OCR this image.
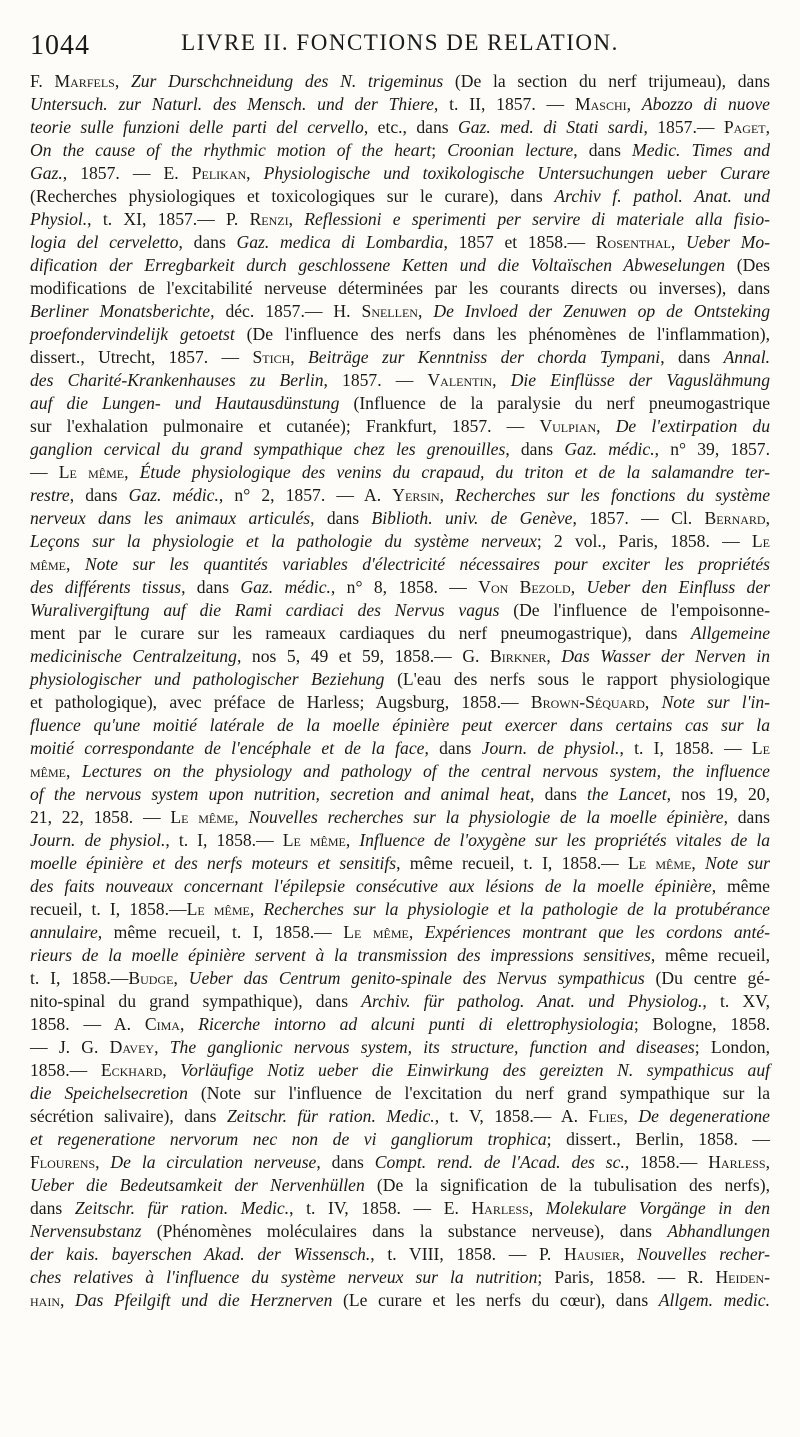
1044	LIVRE II. FONCTIONS DE RELATION.
F. Marfels, Zur Durschchneidung des N. trigeminus (De la section du nerf trijumeau), dans
Untersuch. zur Naturl. des Mensch. und der Thiere, t. II, 1857. — Maschi, Abozzo di nuove
teorie sulle funzioni delle parti del cervello, etc., dans Gaz. med. di Stati sardi, 1857.— Paget,
On the cause of the rhythmic motion of the heart; Croonian lecture, dans Medic. Times and
Gaz., 1857. — E. Pelikan, Physiologische und toxikologische Untersuchungen ueber Curare
(Recherches physiologiques et toxicologiques sur le curare), dans Archiv f. pathol. Anat. und
Physiol., t. XI, 1857.— P. Renzi, Reflessioni e sperimenti per servire di materiale alla fisio-
logia del cerveletto, dans Gaz. medica di Lombardia, 1857 et 1858.— Rosenthal, Ueber Mo-
dification der Erregbarkeit durch geschlossene Ketten und die Voltaïschen Abweselungen (Des
modifications de l'excitabilité nerveuse déterminées par les courants directs ou inverses), dans
Berliner Monatsberichte, déc. 1857.— H. Snellen, De Invloed der Zenuwen op de Ontsteking
proefondervindelijk getoetst (De l'influence des nerfs dans les phénomènes de l'inflammation),
dissert., Utrecht, 1857. — Stich, Beiträge zur Kenntniss der chorda Tympani, dans Annal.
des Charité-Krankenhauses zu Berlin, 1857. — Valentin, Die Einflüsse der Vaguslähmung
auf die Lungen- und Hautausdünstung (Influence de la paralysie du nerf pneumogastrique
sur l'exhalation pulmonaire et cutanée); Frankfurt, 1857. — Vulpian, De l'extirpation du
ganglion cervical du grand sympathique chez les grenouilles, dans Gaz. médic., n° 39, 1857.
— Le même, Étude physiologique des venins du crapaud, du triton et de la salamandre ter-
restre, dans Gaz. médic., n° 2, 1857. — A. Yersin, Recherches sur les fonctions du système
nerveux dans les animaux articulés, dans Biblioth. univ. de Genève, 1857. — Cl. Bernard,
Leçons sur la physiologie et la pathologie du système nerveux; 2 vol., Paris, 1858. — Le
même, Note sur les quantités variables d'électricité nécessaires pour exciter les propriétés
des différents tissus, dans Gaz. médic., n° 8, 1858. — Von Bezold, Ueber den Einfluss der
Wuralivergiftung auf die Rami cardiaci des Nervus vagus (De l'influence de l'empoisonne-
ment par le curare sur les rameaux cardiaques du nerf pneumogastrique), dans Allgemeine
medicinische Centralzeitung, nos 5, 49 et 59, 1858.— G. Birkner, Das Wasser der Nerven in
physiologischer und pathologischer Beziehung (L'eau des nerfs sous le rapport physiologique
et pathologique), avec préface de Harless; Augsburg, 1858.— Brown-Séquard, Note sur l'in-
fluence qu'une moitié latérale de la moelle épinière peut exercer dans certains cas sur la
moitié correspondante de l'encéphale et de la face, dans Journ. de physiol., t. I, 1858. — Le
même, Lectures on the physiology and pathology of the central nervous system, the influence
of the nervous system upon nutrition, secretion and animal heat, dans the Lancet, nos 19, 20,
21, 22, 1858. — Le même, Nouvelles recherches sur la physiologie de la moelle épinière, dans
Journ. de physiol., t. I, 1858.— Le même, Influence de l'oxygène sur les propriétés vitales de la
moelle épinière et des nerfs moteurs et sensitifs, même recueil, t. I, 1858.— Le même, Note sur
des faits nouveaux concernant l'épilepsie consécutive aux lésions de la moelle épinière, même
recueil, t. I, 1858.—Le même, Recherches sur la physiologie et la pathologie de la protubérance
annulaire, même recueil, t. I, 1858.— Le même, Expériences montrant que les cordons anté-
rieurs de la moelle épinière servent à la transmission des impressions sensitives, même recueil,
t. I, 1858.—Budge, Ueber das Centrum genito-spinale des Nervus sympathicus (Du centre gé-
nito-spinal du grand sympathique), dans Archiv. für patholog. Anat. und Physiolog., t. XV,
1858. — A. Cima, Ricerche intorno ad alcuni punti di elettrophysiologia; Bologne, 1858.
— J. G. Davey, The ganglionic nervous system, its structure, function and diseases; London,
1858.— Eckhard, Vorläufige Notiz ueber die Einwirkung des gereizten N. sympathicus auf
die Speichelsecretion (Note sur l'influence de l'excitation du nerf grand sympathique sur la
sécrétion salivaire), dans Zeitschr. für ration. Medic., t. V, 1858.— A. Flies, De degeneratione
et regeneratione nervorum nec non de vi gangliorum trophica; dissert., Berlin, 1858. —
Flourens, De la circulation nerveuse, dans Compt. rend. de l'Acad. des sc., 1858.— Harless,
Ueber die Bedeutsamkeit der Nervenhüllen (De la signification de la tubulisation des nerfs),
dans Zeitschr. für ration. Medic., t. IV, 1858. — E. Harless, Molekulare Vorgänge in den
Nervensubstanz (Phénomènes moléculaires dans la substance nerveuse), dans Abhandlungen
der kais. bayerschen Akad. der Wissensch., t. VIII, 1858. — P. Hausier, Nouvelles recher-
ches relatives à l'influence du système nerveux sur la nutrition; Paris, 1858. — R. Heiden-
hain, Das Pfeilgift und die Herznerven (Le curare et les nerfs du cœur), dans Allgem. medic.
